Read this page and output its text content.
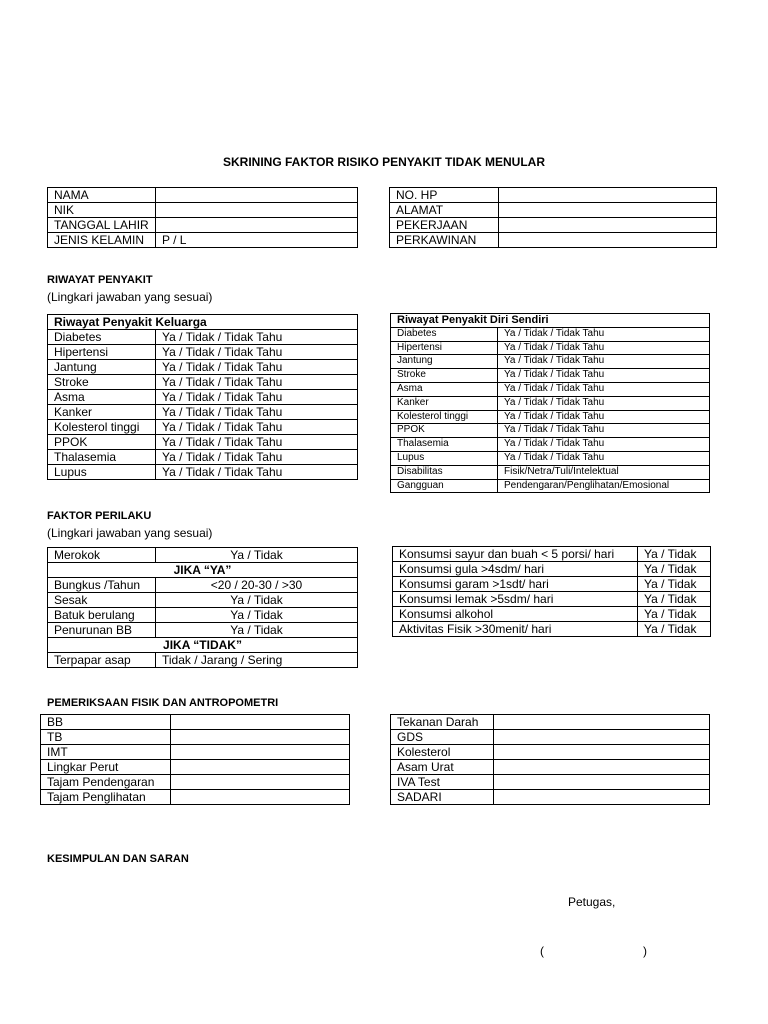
SKRINING FAKTOR RISIKO PENYAKIT TIDAK MENULAR
NAMA	
NIK	
TANGGAL LAHIR	
JENIS KELAMIN	P / L
NO. HP	
ALAMAT	
PEKERJAAN	
PERKAWINAN	
RIWAYAT PENYAKIT
(Lingkari jawaban yang sesuai)
Riwayat Penyakit Keluarga	
Diabetes	Ya / Tidak / Tidak Tahu
Hipertensi	Ya / Tidak / Tidak Tahu
Jantung	Ya / Tidak / Tidak Tahu
Stroke	Ya / Tidak / Tidak Tahu
Asma	Ya / Tidak / Tidak Tahu
Kanker	Ya / Tidak / Tidak Tahu
Kolesterol tinggi	Ya / Tidak / Tidak Tahu
PPOK	Ya / Tidak / Tidak Tahu
Thalasemia	Ya / Tidak / Tidak Tahu
Lupus	Ya / Tidak / Tidak Tahu
Riwayat Penyakit Diri Sendiri	
Diabetes	Ya / Tidak / Tidak Tahu
Hipertensi	Ya / Tidak / Tidak Tahu
Jantung	Ya / Tidak / Tidak Tahu
Stroke	Ya / Tidak / Tidak Tahu
Asma	Ya / Tidak / Tidak Tahu
Kanker	Ya / Tidak / Tidak Tahu
Kolesterol tinggi	Ya / Tidak / Tidak Tahu
PPOK	Ya / Tidak / Tidak Tahu
Thalasemia	Ya / Tidak / Tidak Tahu
Lupus	Ya / Tidak / Tidak Tahu
Disabilitas	Fisik/Netra/Tuli/Intelektual
Gangguan	Pendengaran/Penglihatan/Emosional
FAKTOR PERILAKU
(Lingkari jawaban yang sesuai)
Merokok	Ya / Tidak
JIKA “YA”	
Bungkus /Tahun	<20 / 20-30 / >30
Sesak	Ya / Tidak
Batuk berulang	Ya / Tidak
Penurunan BB	Ya / Tidak
JIKA “TIDAK”	
Terpapar asap	Tidak / Jarang / Sering
Konsumsi sayur dan buah < 5 porsi/ hari	Ya / Tidak
Konsumsi gula >4sdm/ hari	Ya / Tidak
Konsumsi garam >1sdt/ hari	Ya / Tidak
Konsumsi lemak >5sdm/ hari	Ya / Tidak
Konsumsi alkohol	Ya / Tidak
Aktivitas Fisik >30menit/ hari	Ya / Tidak
PEMERIKSAAN FISIK DAN ANTROPOMETRI
BB	
TB	
IMT	
Lingkar Perut	
Tajam Pendengaran	
Tajam Penglihatan	
Tekanan Darah	
GDS	
Kolesterol	
Asam Urat	
IVA Test	
SADARI	
KESIMPULAN DAN SARAN
Petugas,
(	)
